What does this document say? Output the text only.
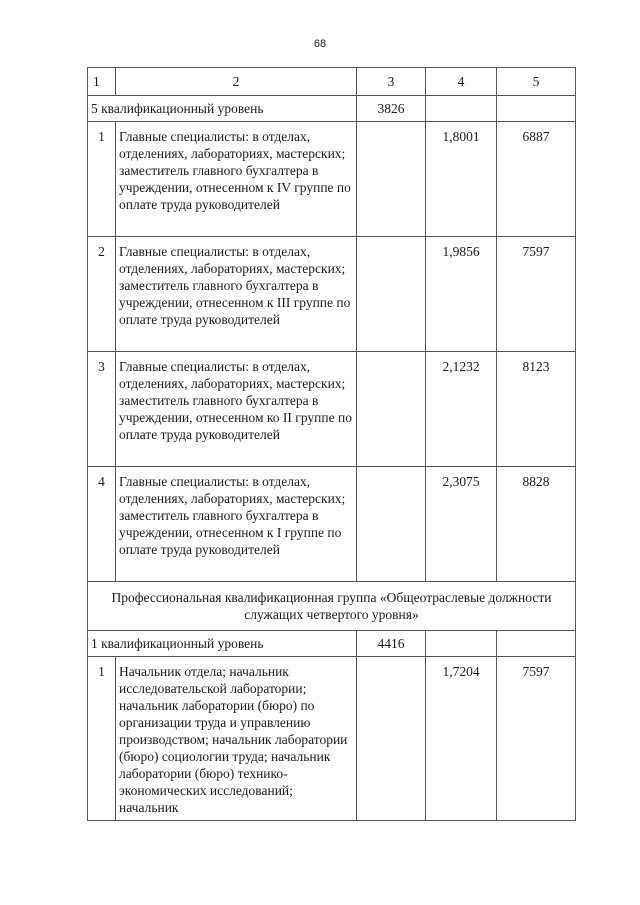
68
1	2	3	4	5
5 квалификационный уровень		3826		
1	Главные специалисты: в отделах, отделениях, лабораториях, мастерских; заместитель главного бухгалтера в учреждении, отнесенном к IV группе по оплате труда руководителей		1,8001	6887
2	Главные специалисты: в отделах, отделениях, лабораториях, мастерских; заместитель главного бухгалтера в учреждении, отнесенном к III группе по оплате труда руководителей		1,9856	7597
3	Главные специалисты: в отделах, отделениях, лабораториях, мастерских; заместитель главного бухгалтера в учреждении, отнесенном ко II группе по оплате труда руководителей		2,1232	8123
4	Главные специалисты: в отделах, отделениях, лабораториях, мастерских; заместитель главного бухгалтера в учреждении, отнесенном к I группе по оплате труда руководителей		2,3075	8828
Профессиональная квалификационная группа «Общеотраслевые должности служащих четвертого уровня»				
1 квалификационный уровень		4416		
1	Начальник отдела; начальник исследовательской лаборатории; начальник лаборатории (бюро) по организации труда и управлению производством; начальник лаборатории (бюро) социологии труда; начальник лаборатории (бюро) технико-экономических исследований; начальник		1,7204	7597
